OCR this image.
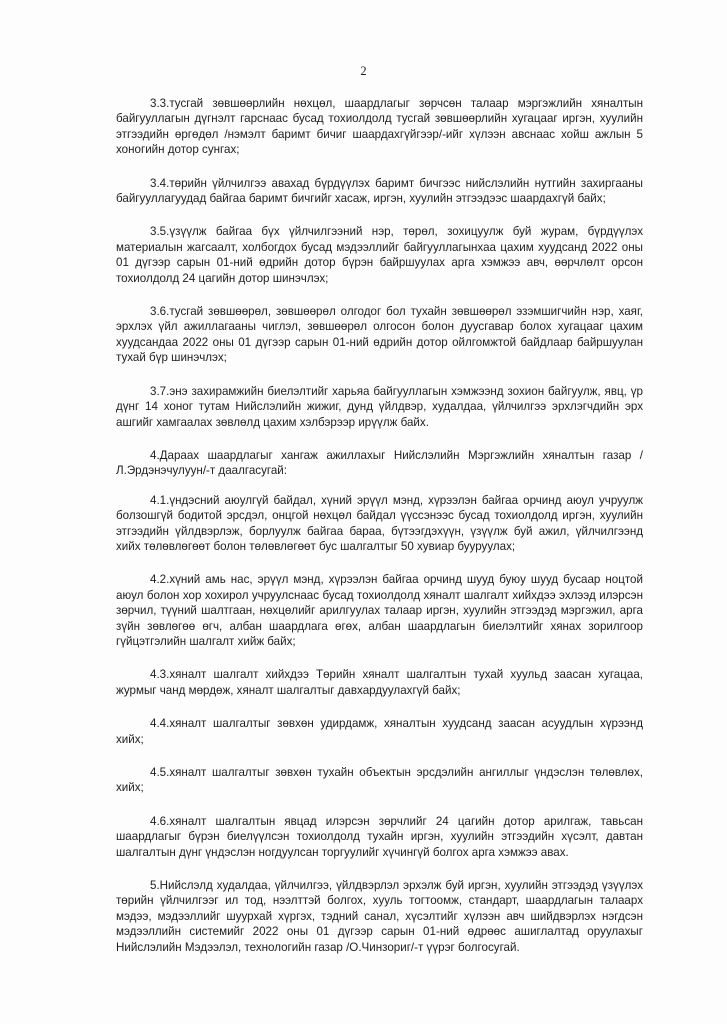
2

3.3.тусгай зөвшөөрлийн нөхцөл, шаардлагыг зөрчсөн талаар мэргэжлийн хяналтын байгууллагын дүгнэлт гарснаас бусад тохиолдолд тусгай зөвшөөрлийн хугацааг иргэн, хуулийн этгээдийн өргөдөл /нэмэлт баримт бичиг шаардахгүйгээр/-ийг хүлээн авснаас хойш ажлын 5 хоногийн дотор сунгах;

3.4.төрийн үйлчилгээ авахад бүрдүүлэх баримт бичгээс нийслэлийн нутгийн захиргааны байгууллагуудад байгаа баримт бичгийг хасаж, иргэн, хуулийн этгээдээс шаардахгүй байх;

3.5.үзүүлж байгаа бүх үйлчилгээний нэр, төрөл, зохицуулж буй журам, бүрдүүлэх материалын жагсаалт, холбогдох бусад мэдээллийг байгууллагынхаа цахим хуудсанд 2022 оны 01 дүгээр сарын 01-ний өдрийн дотор бүрэн байршуулах арга хэмжээ авч, өөрчлөлт орсон тохиолдолд 24 цагийн дотор шинэчлэх;

3.6.тусгай зөвшөөрөл, зөвшөөрөл олгодог бол тухайн зөвшөөрөл эзэмшигчийн нэр, хаяг, эрхлэх үйл ажиллагааны чиглэл, зөвшөөрөл олгосон болон дуусгавар болох хугацааг цахим хуудсандаа 2022 оны 01 дүгээр сарын 01-ний өдрийн дотор ойлгомжтой байдлаар байршуулан тухай бүр шинэчлэх;

3.7.энэ захирамжийн биелэлтийг харьяа байгууллагын хэмжээнд зохион байгуулж, явц, үр дүнг 14 хоног тутам Нийслэлийн жижиг, дунд үйлдвэр, худалдаа, үйлчилгээ эрхлэгчдийн эрх ашгийг хамгаалах зөвлөлд цахим хэлбэрээр ирүүлж байх.

4.Дараах шаардлагыг хангаж ажиллахыг Нийслэлийн Мэргэжлийн хяналтын газар /Л.Эрдэнэчулуун/-т даалгасугай:

4.1.үндэсний аюулгүй байдал, хүний эрүүл мэнд, хүрээлэн байгаа орчинд аюул учруулж болзошгүй бодитой эрсдэл, онцгой нөхцөл байдал үүссэнээс бусад тохиолдолд иргэн, хуулийн этгээдийн үйлдвэрлэж, борлуулж байгаа бараа, бүтээгдэхүүн, үзүүлж буй ажил, үйлчилгээнд хийх төлөвлөгөөт болон төлөвлөгөөт бус шалгалтыг 50 хувиар бууруулах;

4.2.хүний амь нас, эрүүл мэнд, хүрээлэн байгаа орчинд шууд буюу шууд бусаар ноцтой аюул болон хор хохирол учруулснаас бусад тохиолдолд хяналт шалгалт хийхдээ эхлээд илэрсэн зөрчил, түүний шалтгаан, нөхцөлийг арилгуулах талаар иргэн, хуулийн этгээдэд мэргэжил, арга зүйн зөвлөгөө өгч, албан шаардлага өгөх, албан шаардлагын биелэлтийг хянах зорилгоор гүйцэтгэлийн шалгалт хийж байх;

4.3.хяналт шалгалт хийхдээ Төрийн хяналт шалгалтын тухай хуульд заасан хугацаа, журмыг чанд мөрдөж, хяналт шалгалтыг давхардуулахгүй байх;

4.4.хяналт шалгалтыг зөвхөн удирдамж, хяналтын хуудсанд заасан асуудлын хүрээнд хийх;

4.5.хяналт шалгалтыг зөвхөн тухайн объектын эрсдэлийн ангиллыг үндэслэн төлөвлөх, хийх;

4.6.хяналт шалгалтын явцад илэрсэн зөрчлийг 24 цагийн дотор арилгаж, тавьсан шаардлагыг бүрэн биелүүлсэн тохиолдолд тухайн иргэн, хуулийн этгээдийн хүсэлт, давтан шалгалтын дүнг үндэслэн ногдуулсан торгуулийг хүчингүй болгох арга хэмжээ авах.

5.Нийслэлд худалдаа, үйлчилгээ, үйлдвэрлэл эрхэлж буй иргэн, хуулийн этгээдэд үзүүлэх төрийн үйлчилгээг ил тод, нээлттэй болгох, хууль тогтоомж, стандарт, шаардлагын талаарх мэдээ, мэдээллийг шуурхай хүргэх, тэдний санал, хүсэлтийг хүлээн авч шийдвэрлэх нэгдсэн мэдээллийн системийг 2022 оны 01 дүгээр сарын 01-ний өдрөөс ашиглалтад оруулахыг Нийслэлийн Мэдээлэл, технологийн газар /О.Чинзориг/-т үүрэг болгосугай.
